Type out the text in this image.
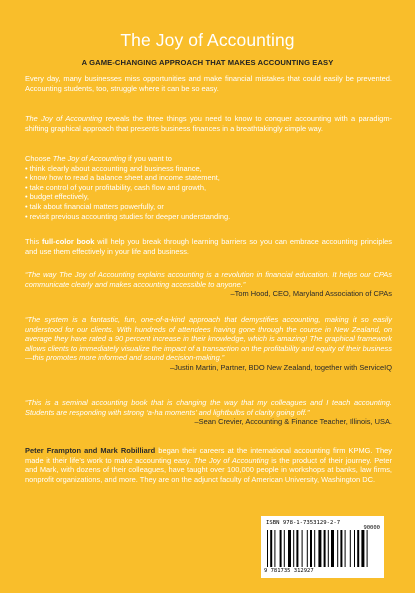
The Joy of Accounting
A GAME-CHANGING APPROACH THAT MAKES ACCOUNTING EASY
Every day, many businesses miss opportunities and make financial mistakes that could easily be prevented. Accounting students, too, struggle where it can be so easy.
The Joy of Accounting reveals the three things you need to know to conquer accounting with a paradigm-shifting graphical approach that presents business finances in a breathtakingly simple way.
Choose The Joy of Accounting if you want to
• think clearly about accounting and business finance,
• know how to read a balance sheet and income statement,
• take control of your profitability, cash flow and growth,
• budget effectively,
• talk about financial matters powerfully, or
• revisit previous accounting studies for deeper understanding.
This full-color book will help you break through learning barriers so you can embrace accounting principles and use them effectively in your life and business.
“The way The Joy of Accounting explains accounting is a revolution in financial education. It helps our CPAs communicate clearly and makes accounting accessible to anyone.”
–Tom Hood, CEO, Maryland Association of CPAs
“The system is a fantastic, fun, one-of-a-kind approach that demystifies accounting, making it so easily understood for our clients. With hundreds of attendees having gone through the course in New Zealand, on average they have rated a 90 percent increase in their knowledge, which is amazing! The graphical framework allows clients to immediately visualize the impact of a transaction on the profitability and equity of their business—this promotes more informed and sound decision-making.”
–Justin Martin, Partner, BDO New Zealand, together with ServiceIQ
“This is a seminal accounting book that is changing the way that my colleagues and I teach accounting. Students are responding with strong ‘a-ha moments’ and lightbulbs of clarity going off.”
–Sean Crevier, Accounting & Finance Teacher, Illinois, USA.
Peter Frampton and Mark Robilliard began their careers at the international accounting firm KPMG. They made it their life’s work to make accounting easy. The Joy of Accounting is the product of their journey. Peter and Mark, with dozens of their colleagues, have taught over 100,000 people in workshops at banks, law firms, nonprofit organizations, and more. They are on the adjunct faculty of American University, Washington DC.
ISBN 978-1-7353129-2-7
9 781735 312927
90000
